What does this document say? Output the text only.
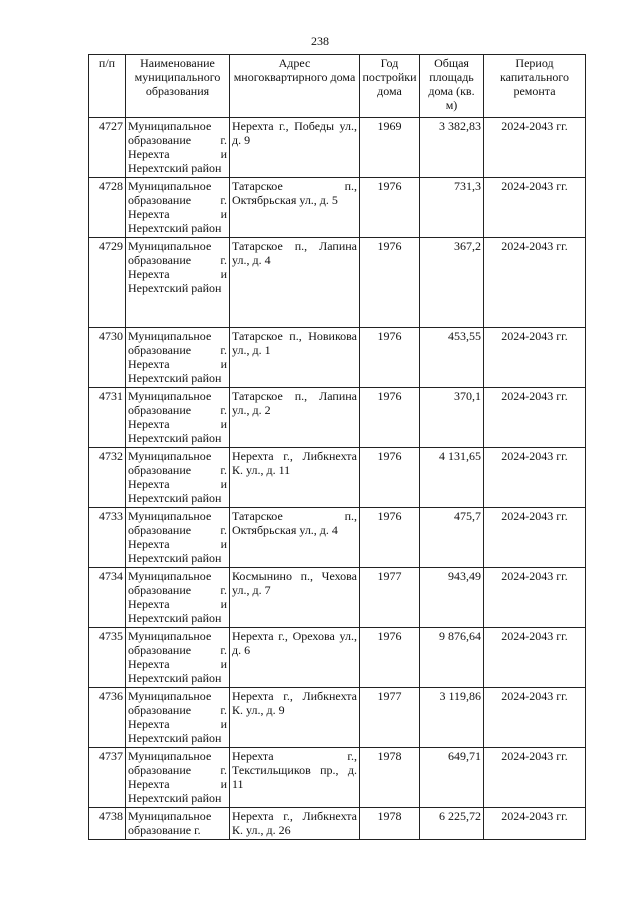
238
п/п	Наименование муниципального образования	Адрес многоквартирного дома	Год постройки дома	Общая площадь дома (кв. м)	Период капитального ремонта
4727	Муниципальное образование г. Нерехта и Нерехтский район	Нерехта г., Победы ул., д. 9	1969	3 382,83	2024-2043 гг.
4728	Муниципальное образование г. Нерехта и Нерехтский район	Татарское п., Октябрьская ул., д. 5	1976	731,3	2024-2043 гг.
4729	Муниципальное образование г. Нерехта и Нерехтский район	Татарское п., Лапина ул., д. 4	1976	367,2	2024-2043 гг.
4730	Муниципальное образование г. Нерехта и Нерехтский район	Татарское п., Новикова ул., д. 1	1976	453,55	2024-2043 гг.
4731	Муниципальное образование г. Нерехта и Нерехтский район	Татарское п., Лапина ул., д. 2	1976	370,1	2024-2043 гг.
4732	Муниципальное образование г. Нерехта и Нерехтский район	Нерехта г., Либкнехта К. ул., д. 11	1976	4 131,65	2024-2043 гг.
4733	Муниципальное образование г. Нерехта и Нерехтский район	Татарское п., Октябрьская ул., д. 4	1976	475,7	2024-2043 гг.
4734	Муниципальное образование г. Нерехта и Нерехтский район	Космынино п., Чехова ул., д. 7	1977	943,49	2024-2043 гг.
4735	Муниципальное образование г. Нерехта и Нерехтский район	Нерехта г., Орехова ул., д. 6	1976	9 876,64	2024-2043 гг.
4736	Муниципальное образование г. Нерехта и Нерехтский район	Нерехта г., Либкнехта К. ул., д. 9	1977	3 119,86	2024-2043 гг.
4737	Муниципальное образование г. Нерехта и Нерехтский район	Нерехта г., Текстильщиков пр., д. 11	1978	649,71	2024-2043 гг.
4738	Муниципальное образование г.	Нерехта г., Либкнехта К. ул., д. 26	1978	6 225,72	2024-2043 гг.
